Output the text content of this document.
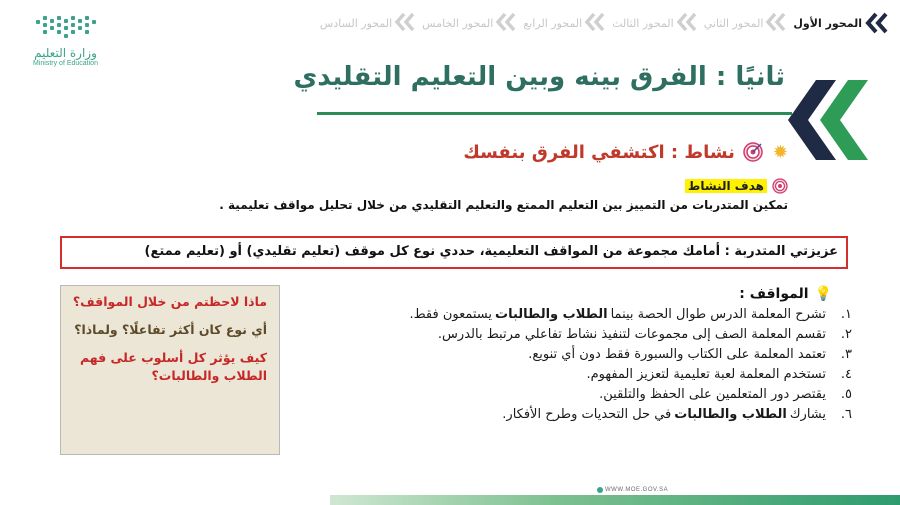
المحور الأول
المحور الثاني
المحور الثالث
المحور الرابع
المحور الخامس
المحور السادس
وزارة التعليم
Ministry of Education	ثانيًا : الفرق بينه وبين التعليم التقليدي
✹
نشاط : اكتشفي الفرق بنفسك
هدف النشاط
تمكين المتدربات من التمييز بين التعليم الممتع والتعليم التقليدي من خلال تحليل مواقف تعليمية .
عزيزتي المتدربة : أمامك مجموعة من المواقف التعليمية، حددي نوع كل موقف (تعليم تقليدي) أو (تعليم ممتع)
ماذا لاحظتم من خلال المواقف؟
أي نوع كان أكثر تفاعلًا؟ ولماذا؟
كيف يؤثر كل أسلوب على فهم الطلاب والطالبات؟
💡
المواقف :
١.
تشرح المعلمة الدرس طوال الحصة بينما
الطلاب والطالبات
يستمعون فقط.
٢.
تقسم المعلمة الصف إلى مجموعات لتنفيذ نشاط تفاعلي مرتبط بالدرس.
٣.
تعتمد المعلمة على الكتاب والسبورة فقط دون أي تنويع.
٤.
تستخدم المعلمة لعبة تعليمية لتعزيز المفهوم.
٥.
يقتصر دور المتعلمين على الحفظ والتلقين.
٦.
يشارك
الطلاب والطالبات
في حل التحديات وطرح الأفكار.
WWW.MOE.GOV.SA
